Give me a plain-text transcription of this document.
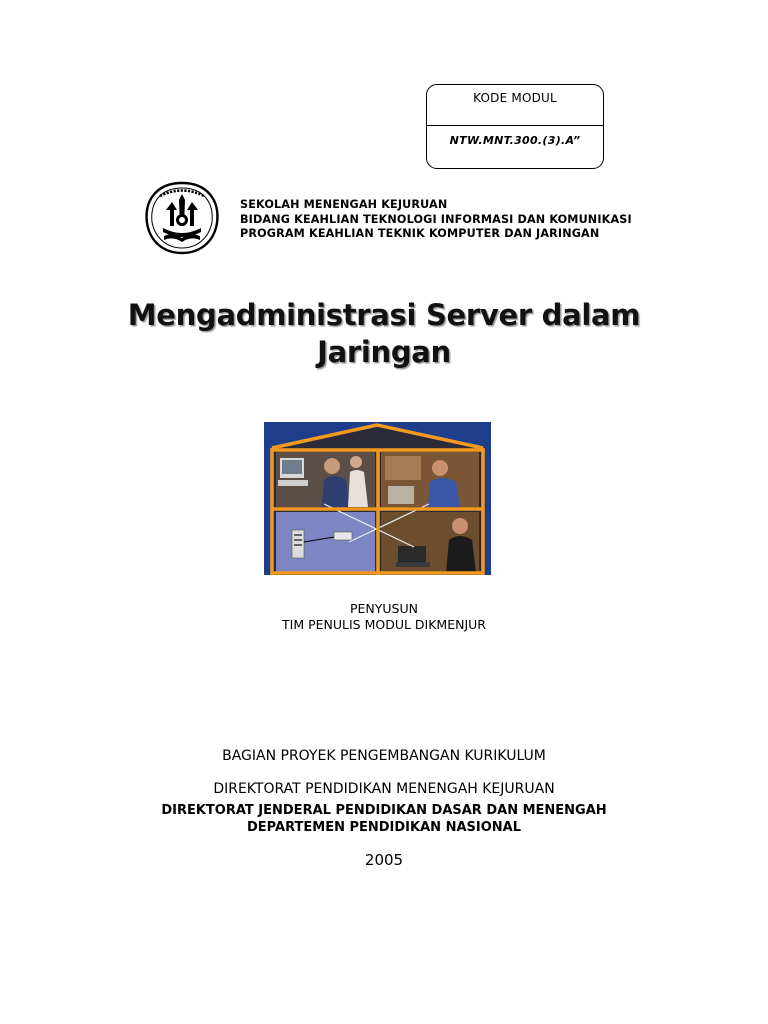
KODE MODUL
NTW.MNT.300.(3).A”
SEKOLAH MENENGAH KEJURUAN
BIDANG KEAHLIAN TEKNOLOGI INFORMASI DAN KOMUNIKASI
PROGRAM KEAHLIAN TEKNIK KOMPUTER DAN JARINGAN
Mengadministrasi Server dalam
Jaringan
PENYUSUN
TIM PENULIS MODUL DIKMENJUR
BAGIAN PROYEK PENGEMBANGAN KURIKULUM
DIREKTORAT PENDIDIKAN MENENGAH KEJURUAN
DIREKTORAT JENDERAL PENDIDIKAN DASAR DAN MENENGAH
DEPARTEMEN PENDIDIKAN NASIONAL
2005
